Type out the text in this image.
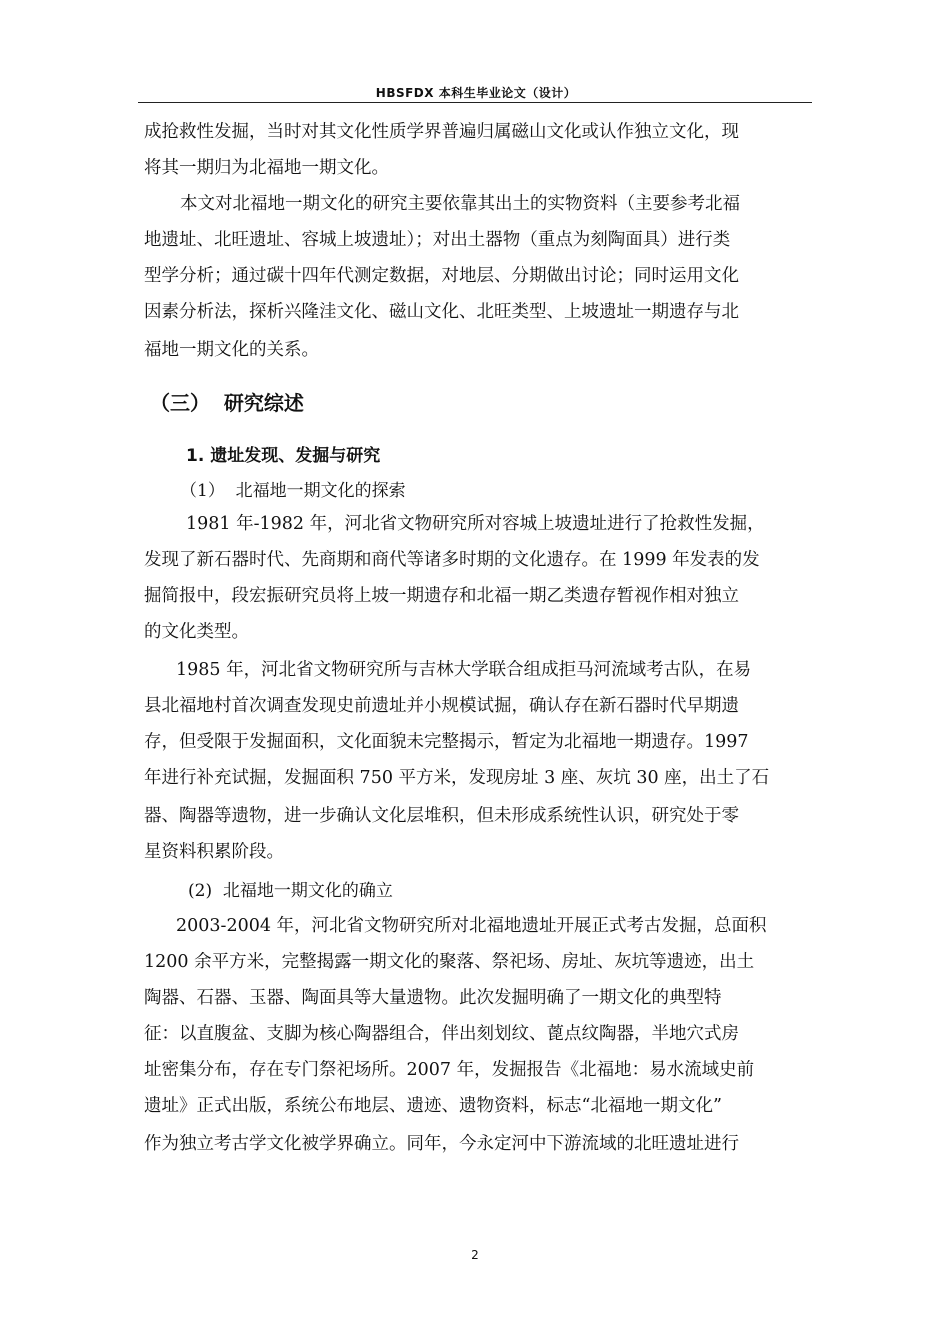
HBSFDX 本科生毕业论文（设计）
成抢救性发掘，当时对其文化性质学界普遍归属磁山文化或认作独立文化，现
将其一期归为北福地一期文化。
本文对北福地一期文化的研究主要依靠其出土的实物资料（主要参考北福
地遗址、北旺遗址、容城上坡遗址）；对出土器物（重点为刻陶面具）进行类
型学分析；通过碳十四年代测定数据，对地层、分期做出讨论；同时运用文化
因素分析法，探析兴隆洼文化、磁山文化、北旺类型、上坡遗址一期遗存与北
福地一期文化的关系。
（三）  研究综述
1. 遗址发现、发掘与研究
（1）  北福地一期文化的探索
1981 年-1982 年，河北省文物研究所对容城上坡遗址进行了抢救性发掘，
发现了新石器时代、先商期和商代等诸多时期的文化遗存。在 1999 年发表的发
掘简报中，段宏振研究员将上坡一期遗存和北福一期乙类遗存暂视作相对独立
的文化类型。
1985 年，河北省文物研究所与吉林大学联合组成拒马河流域考古队，在易
县北福地村首次调查发现史前遗址并小规模试掘，确认存在新石器时代早期遗
存，但受限于发掘面积，文化面貌未完整揭示，暂定为北福地一期遗存。1997
年进行补充试掘，发掘面积 750 平方米，发现房址 3 座、灰坑 30 座，出土了石
器、陶器等遗物，进一步确认文化层堆积，但未形成系统性认识，研究处于零
星资料积累阶段。
(2)  北福地一期文化的确立
2003-2004 年，河北省文物研究所对北福地遗址开展正式考古发掘，总面积
1200 余平方米，完整揭露一期文化的聚落、祭祀场、房址、灰坑等遗迹，出土
陶器、石器、玉器、陶面具等大量遗物。此次发掘明确了一期文化的典型特
征：以直腹盆、支脚为核心陶器组合，伴出刻划纹、蓖点纹陶器，半地穴式房
址密集分布，存在专门祭祀场所。2007 年，发掘报告《北福地：易水流域史前
遗址》正式出版，系统公布地层、遗迹、遗物资料，标志“北福地一期文化”
作为独立考古学文化被学界确立。同年，今永定河中下游流域的北旺遗址进行
2
